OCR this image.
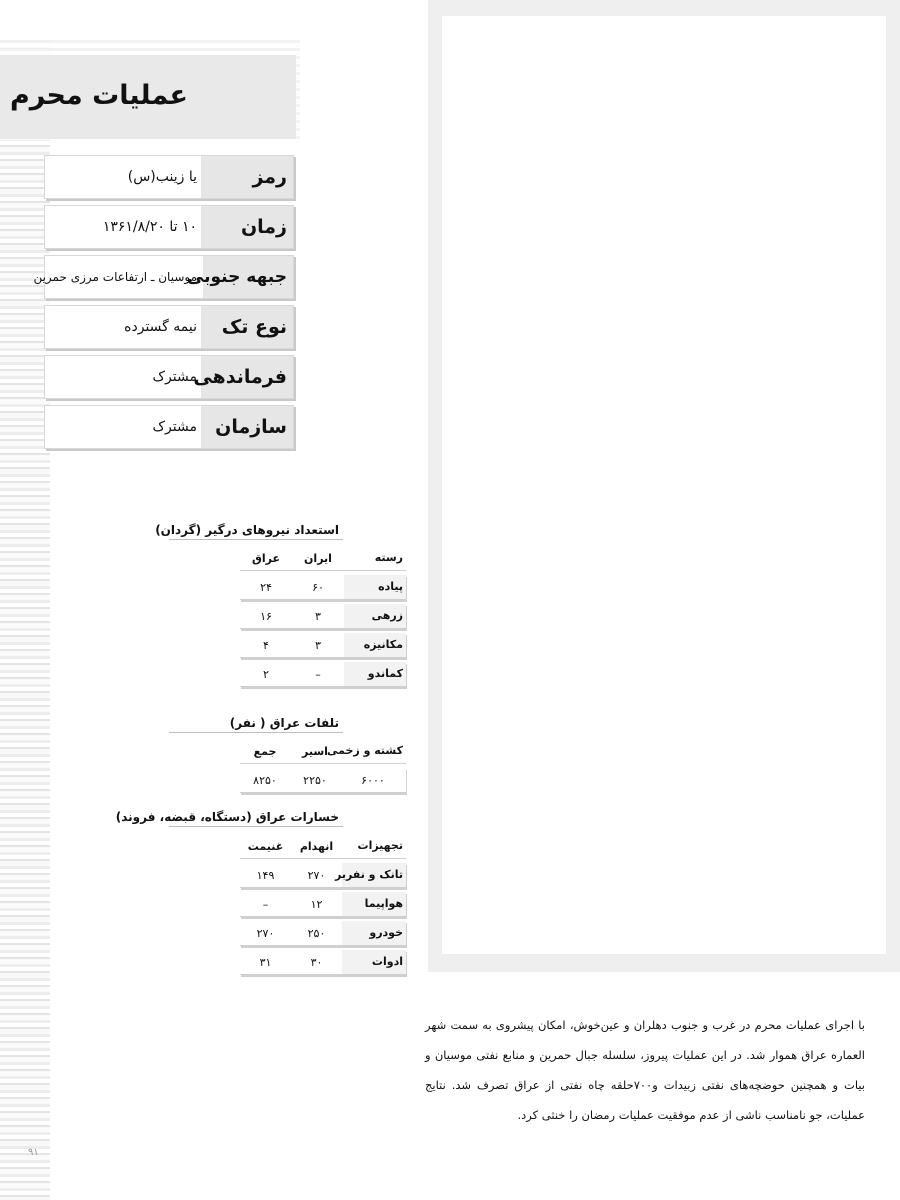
عملیات محرم
رمز
یا زینب(س)
زمان
۱۰ تا ۱۳۶۱/۸/۲۰
جبهه جنوبی
موسیان ـ ارتفاعات مرزی حمرین
نوع تک
نیمه گسترده
فرماندهی
مشترک
سازمان
مشترک
استعداد نیروهای درگیر (گردان)
رسته
ایران
عراق
پیاده
۶۰
۲۴
زرهی
۳
۱۶
مکانیزه
۳
۴
کماندو
–
۲
تلفات عراق ( نفر)
کشته و زخمی
اسیر
جمع
۶۰۰۰
۲۲۵۰
۸۲۵۰
خسارات عراق (دستگاه، قبضه، فروند)
تجهیزات
انهدام
غنیمت
تانک و نفربر
۲۷۰
۱۴۹
هواپیما
۱۲
–
خودرو
۲۵۰
۲۷۰
ادوات
۳۰
۳۱

با اجرای عملیات محرم در غرب و جنوب دهلران و عین‌خوش، امکان پیشروی به سمت شهر العماره عراق هموار شد. در این عملیات پیروز، سلسله جبال حمرین و منابع نفتی موسیان و بیات و همچنین حوضچه‌های نفتی زبیدات و۷۰۰حلقه چاه نفتی از عراق تصرف شد. نتایج عملیات، جو نامناسب ناشی از عدم موفقیت عملیات رمضان را خنثی کرد.

۹۱
